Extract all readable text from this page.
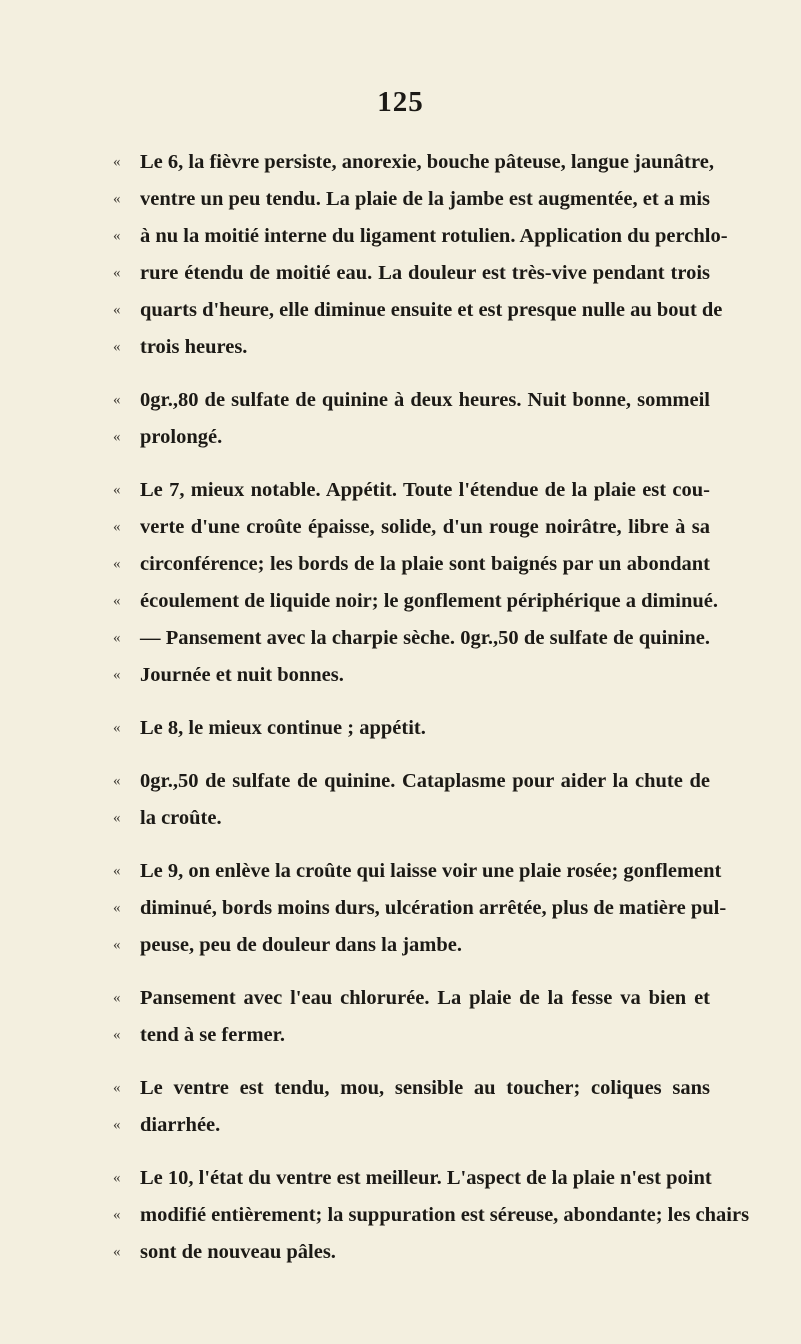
125
« Le 6, la fièvre persiste, anorexie, bouche pâteuse, langue jaunâtre,
« ventre un peu tendu. La plaie de la jambe est augmentée, et a mis
« à nu la moitié interne du ligament rotulien. Application du perchlo-
« rure étendu de moitié eau. La douleur est très-vive pendant trois
« quarts d'heure, elle diminue ensuite et est presque nulle au bout de
« trois heures.
« 0gr.,80 de sulfate de quinine à deux heures. Nuit bonne, sommeil
« prolongé.
« Le 7, mieux notable. Appétit. Toute l'étendue de la plaie est cou-
« verte d'une croûte épaisse, solide, d'un rouge noirâtre, libre à sa
« circonférence; les bords de la plaie sont baignés par un abondant
« écoulement de liquide noir; le gonflement périphérique a diminué.
« — Pansement avec la charpie sèche. 0gr.,50 de sulfate de quinine.
« Journée et nuit bonnes.
« Le 8, le mieux continue ; appétit.
« 0gr.,50 de sulfate de quinine. Cataplasme pour aider la chute de
« la croûte.
« Le 9, on enlève la croûte qui laisse voir une plaie rosée; gonflement
« diminué, bords moins durs, ulcération arrêtée, plus de matière pul-
« peuse, peu de douleur dans la jambe.
« Pansement avec l'eau chlorurée. La plaie de la fesse va bien et
« tend à se fermer.
« Le ventre est tendu, mou, sensible au toucher; coliques sans
« diarrhée.
« Le 10, l'état du ventre est meilleur. L'aspect de la plaie n'est point
« modifié entièrement; la suppuration est séreuse, abondante; les chairs
« sont de nouveau pâles.
